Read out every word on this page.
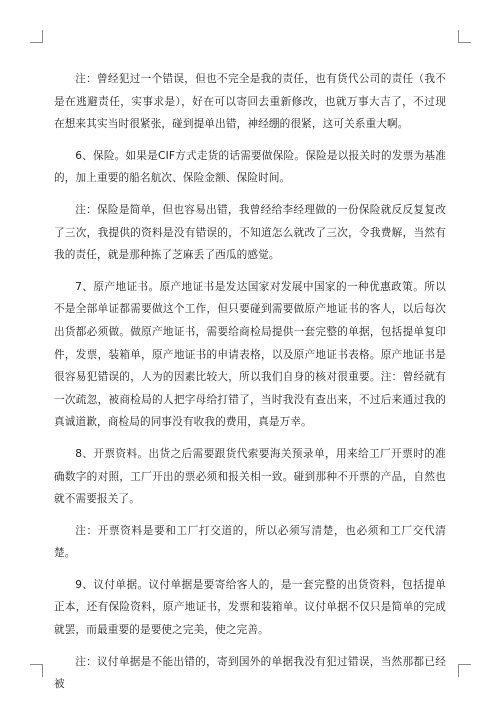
注：曾经犯过一个错误，但也不完全是我的责任，也有货代公司的责任（我不是在逃避责任，实事求是），好在可以寄回去重新修改，也就万事大吉了，不过现在想来其实当时很紧张，碰到提单出错，神经绷的很紧，这可关系重大啊。

6、保险。如果是CIF方式走货的话需要做保险。保险是以报关时的发票为基准的，加上重要的船名航次、保险金额、保险时间。

注：保险是简单，但也容易出错，我曾经给李经理做的一份保险就反反复复改了三次，我提供的资料是没有错误的，不知道怎么就改了三次，令我费解，当然有我的责任，就是那种拣了芝麻丢了西瓜的感觉。

7、原产地证书。原产地证书是发达国家对发展中国家的一种优惠政策。所以不是全部单证都需要做这个工作，但只要碰到需要做原产地证书的客人，以后每次出货都必须做。做原产地证书，需要给商检局提供一套完整的单据，包括提单复印件，发票，装箱单，原产地证书的申请表格，以及原产地证书表格。原产地证书是很容易犯错误的，人为的因素比较大，所以我们自身的核对很重要。注：曾经就有一次疏忽，被商检局的人把字母给打错了，当时我没有查出来，不过后来通过我的真诚道歉，商检局的同事没有收我的费用，真是万幸。

8、开票资料。出货之后需要跟货代索要海关预录单，用来给工厂开票时的准确数字的对照，工厂开出的票必须和报关相一致。碰到那种不开票的产品，自然也就不需要报关了。

注：开票资料是要和工厂打交道的，所以必须写清楚，也必须和工厂交代清楚。

9、议付单据。议付单据是要寄给客人的，是一套完整的出货资料，包括提单正本，还有保险资料，原产地证书，发票和装箱单。议付单据不仅只是简单的完成就罢，而最重要的是要使之完美，使之完善。

注：议付单据是不能出错的，寄到国外的单据我没有犯过错误，当然那都已经被
